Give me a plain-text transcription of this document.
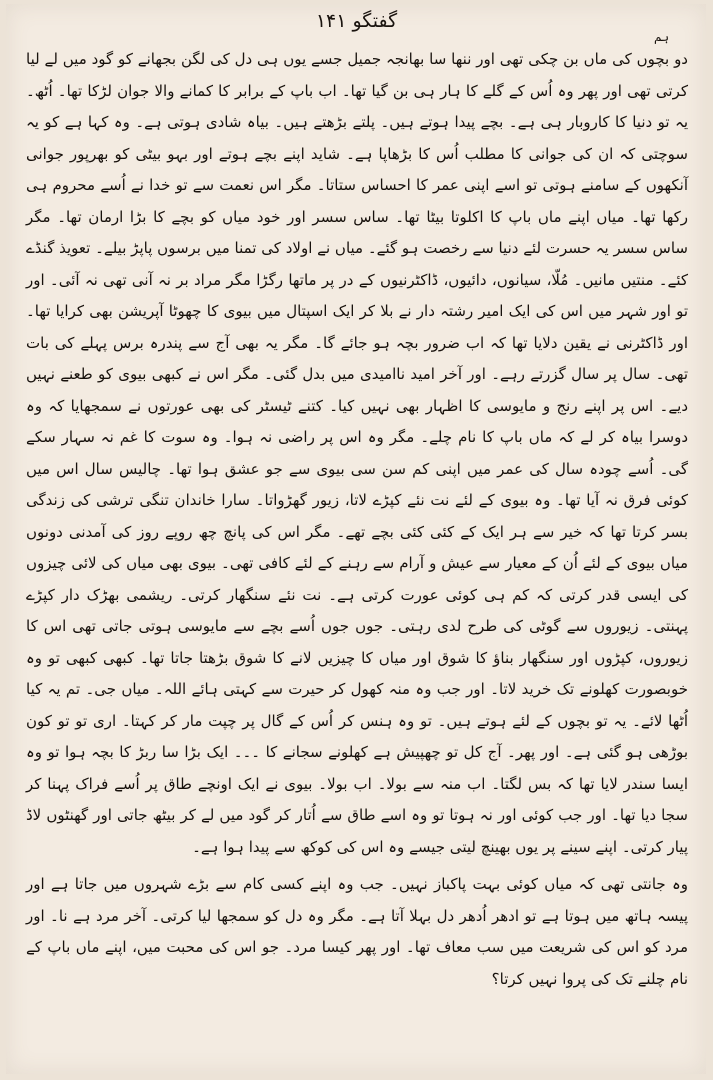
گفتگو ۱۴۱
ہم

دو بچوں کی ماں بن چکی تھی اور ننھا سا بھانجہ جمیل جسے یوں ہی دل کی لگن بجھانے کو گود میں لے لیا کرتی تھی اور پھر وہ اُس کے گلے کا ہار ہی بن گیا تھا۔ اب باپ کے برابر کا کمانے والا جوان لڑکا تھا۔ اُٹھ۔ یہ تو دنیا کا کاروبار ہی ہے۔ بچے پیدا ہوتے ہیں۔ پلتے بڑھتے ہیں۔ بیاہ شادی ہوتی ہے۔ وہ کہا ہے کو یہ سوچتی کہ ان کی جوانی کا مطلب اُس کا بڑھاپا ہے۔ شاید اپنے بچے ہوتے اور بہو بیٹی کو بھرپور جوانی آنکھوں کے سامنے ہوتی تو اسے اپنی عمر کا احساس ستاتا۔ مگر اس نعمت سے تو خدا نے اُسے محروم ہی رکھا تھا۔ میاں اپنے ماں باپ کا اکلوتا بیٹا تھا۔ ساس سسر اور خود میاں کو بچے کا بڑا ارمان تھا۔ مگر ساس سسر یہ حسرت لئے دنیا سے رخصت ہو گئے۔ میاں نے اولاد کی تمنا میں برسوں پاپڑ بیلے۔ تعویذ گنڈے کئے۔ منتیں مانیں۔ مُلّا، سیانوں، دائیوں، ڈاکٹرنیوں کے در پر ماتھا رگڑا مگر مراد بر نہ آنی تھی نہ آئی۔ اور تو اور شہر میں اس کی ایک امیر رشتہ دار نے بلا کر ایک اسپتال میں بیوی کا چھوٹا آپریشن بھی کرایا تھا۔ اور ڈاکٹرنی نے یقین دلایا تھا کہ اب ضرور بچہ ہو جائے گا۔ مگر یہ بھی آج سے پندرہ برس پہلے کی بات تھی۔ سال پر سال گزرتے رہے۔ اور آخر امید ناامیدی میں بدل گئی۔ مگر اس نے کبھی بیوی کو طعنے نہیں دیے۔ اس پر اپنے رنج و مایوسی کا اظہار بھی نہیں کیا۔ کتنے ٹیسٹر کی بھی عورتوں نے سمجھایا کہ وہ دوسرا بیاہ کر لے کہ ماں باپ کا نام چلے۔ مگر وہ اس پر راضی نہ ہوا۔ وہ سوت کا غم نہ سہار سکے گی۔ اُسے چودہ سال کی عمر میں اپنی کم سن سی بیوی سے جو عشق ہوا تھا۔ چالیس سال اس میں کوئی فرق نہ آیا تھا۔ وہ بیوی کے لئے نت نئے کپڑے لاتا، زیور گھڑواتا۔ سارا خاندان تنگی ترشی کی زندگی بسر کرتا تھا کہ خیر سے ہر ایک کے کئی کئی بچے تھے۔ مگر اس کی پانچ چھ روپے روز کی آمدنی دونوں میاں بیوی کے لئے اُن کے معیار سے عیش و آرام سے رہنے کے لئے کافی تھی۔ بیوی بھی میاں کی لائی چیزوں کی ایسی قدر کرتی کہ کم ہی کوئی عورت کرتی ہے۔ نت نئے سنگھار کرتی۔ ریشمی بھڑک دار کپڑے پہنتی۔ زیوروں سے گوٹی کی طرح لدی رہتی۔ جوں جوں اُسے بچے سے مایوسی ہوتی جاتی تھی اس کا زیوروں، کپڑوں اور سنگھار بناؤ کا شوق اور میاں کا چیزیں لانے کا شوق بڑھتا جاتا تھا۔ کبھی کبھی تو وہ خوبصورت کھلونے تک خرید لاتا۔ اور جب وہ منہ کھول کر حیرت سے کہتی ہائے اللہ۔ میاں جی۔ تم یہ کیا اُٹھا لائے۔ یہ تو بچوں کے لئے ہوتے ہیں۔ تو وہ ہنس کر اُس کے گال پر چپت مار کر کہتا۔ اری تو تو کون بوڑھی ہو گئی ہے۔ اور پھر۔ آج کل تو چھپیش ہے کھلونے سجانے کا ۔۔۔ ایک بڑا سا ربڑ کا بچہ ہوا تو وہ ایسا سندر لایا تھا کہ بس لگتا۔ اب منہ سے بولا۔ اب بولا۔ بیوی نے ایک اونچے طاق پر اُسے فراک پہنا کر سجا دیا تھا۔ اور جب کوئی اور نہ ہوتا تو وہ اسے طاق سے اُتار کر گود میں لے کر بیٹھ جاتی اور گھنٹوں لاڈ پیار کرتی۔ اپنے سینے پر یوں بھینچ لیتی جیسے وہ اس کی کوکھ سے پیدا ہوا ہے۔

وہ جانتی تھی کہ میاں کوئی بہت پاکباز نہیں۔ جب وہ اپنے کسی کام سے بڑے شہروں میں جاتا ہے اور پیسہ ہاتھ میں ہوتا ہے تو ادھر اُدھر دل بہلا آتا ہے۔ مگر وہ دل کو سمجھا لیا کرتی۔ آخر مرد ہے نا۔ اور مرد کو اس کی شریعت میں سب معاف تھا۔ اور پھر کیسا مرد۔ جو اس کی محبت میں، اپنے ماں باپ کے نام چلنے تک کی پروا نہیں کرتا؟
